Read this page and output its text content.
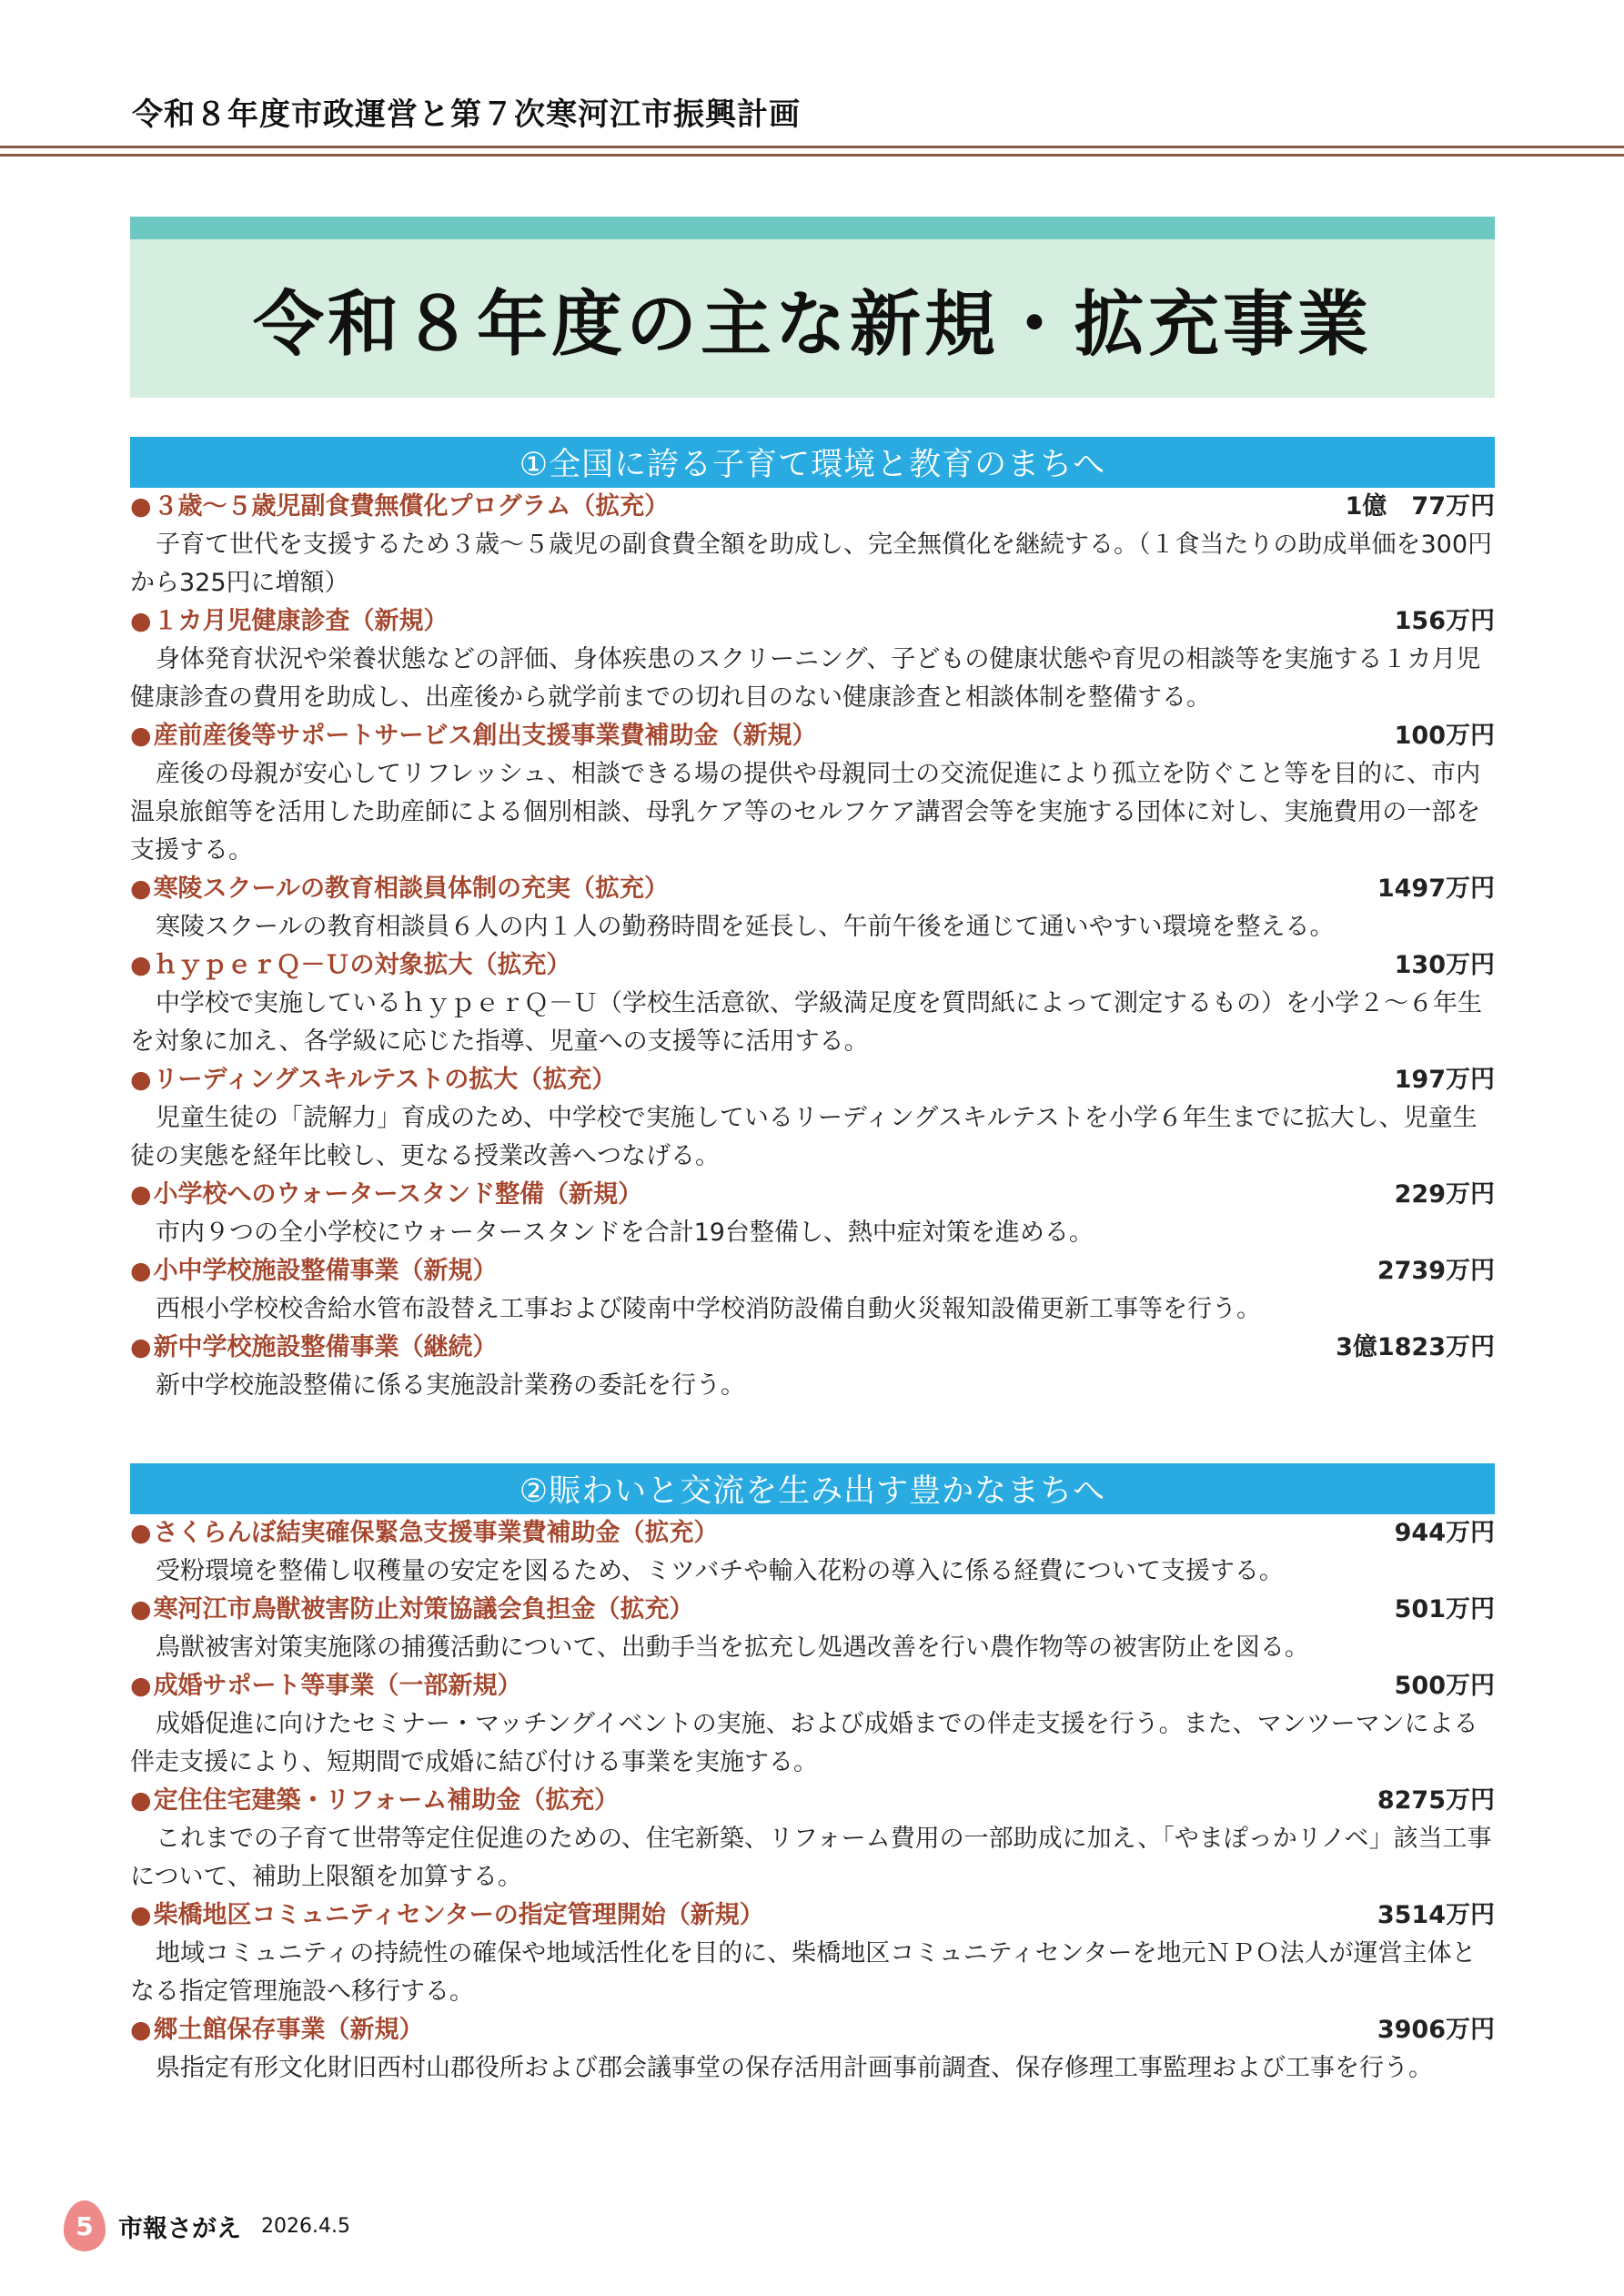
令和８年度市政運営と第７次寒河江市振興計画
令和８年度の主な新規・拡充事業
①全国に誇る子育て環境と教育のまちへ
●３歳〜５歳児副食費無償化プログラム（拡充）	1億　77万円

子育て世代を支援するため３歳〜５歳児の副食費全額を助成し、完全無償化を継続する。（１食当たりの助成単価を300円から325円に増額）

●１カ月児健康診査（新規）	156万円

身体発育状況や栄養状態などの評価、身体疾患のスクリーニング、子どもの健康状態や育児の相談等を実施する１カ月児健康診査の費用を助成し、出産後から就学前までの切れ目のない健康診査と相談体制を整備する。

●産前産後等サポートサービス創出支援事業費補助金（新規）	100万円

産後の母親が安心してリフレッシュ、相談できる場の提供や母親同士の交流促進により孤立を防ぐこと等を目的に、市内温泉旅館等を活用した助産師による個別相談、母乳ケア等のセルフケア講習会等を実施する団体に対し、実施費用の一部を支援する。

●寒陵スクールの教育相談員体制の充実（拡充）	1497万円

寒陵スクールの教育相談員６人の内１人の勤務時間を延長し、午前午後を通じて通いやすい環境を整える。

●ｈｙｐｅｒＱ－Ｕの対象拡大（拡充）	130万円

中学校で実施しているｈｙｐｅｒＱ－Ｕ（学校生活意欲、学級満足度を質問紙によって測定するもの）を小学２〜６年生を対象に加え、各学級に応じた指導、児童への支援等に活用する。

●リーディングスキルテストの拡大（拡充）	197万円

児童生徒の「読解力」育成のため、中学校で実施しているリーディングスキルテストを小学６年生までに拡大し、児童生徒の実態を経年比較し、更なる授業改善へつなげる。

●小学校へのウォータースタンド整備（新規）	229万円

市内９つの全小学校にウォータースタンドを合計19台整備し、熱中症対策を進める。

●小中学校施設整備事業（新規）	2739万円

西根小学校校舎給水管布設替え工事および陵南中学校消防設備自動火災報知設備更新工事等を行う。

●新中学校施設整備事業（継続）	3億1823万円

新中学校施設整備に係る実施設計業務の委託を行う。

②賑わいと交流を生み出す豊かなまちへ
●さくらんぼ結実確保緊急支援事業費補助金（拡充）	944万円

受粉環境を整備し収穫量の安定を図るため、ミツバチや輸入花粉の導入に係る経費について支援する。

●寒河江市鳥獣被害防止対策協議会負担金（拡充）	501万円

鳥獣被害対策実施隊の捕獲活動について、出動手当を拡充し処遇改善を行い農作物等の被害防止を図る。

●成婚サポート等事業（一部新規）	500万円

成婚促進に向けたセミナー・マッチングイベントの実施、および成婚までの伴走支援を行う。また、マンツーマンによる伴走支援により、短期間で成婚に結び付ける事業を実施する。

●定住住宅建築・リフォーム補助金（拡充）	8275万円

これまでの子育て世帯等定住促進のための、住宅新築、リフォーム費用の一部助成に加え、「やまぽっかリノベ」該当工事について、補助上限額を加算する。

●柴橋地区コミュニティセンターの指定管理開始（新規）	3514万円

地域コミュニティの持続性の確保や地域活性化を目的に、柴橋地区コミュニティセンターを地元ＮＰＯ法人が運営主体となる指定管理施設へ移行する。

●郷土館保存事業（新規）	3906万円

県指定有形文化財旧西村山郡役所および郡会議事堂の保存活用計画事前調査、保存修理工事監理および工事を行う。

5	市報さがえ 2026.4.5
